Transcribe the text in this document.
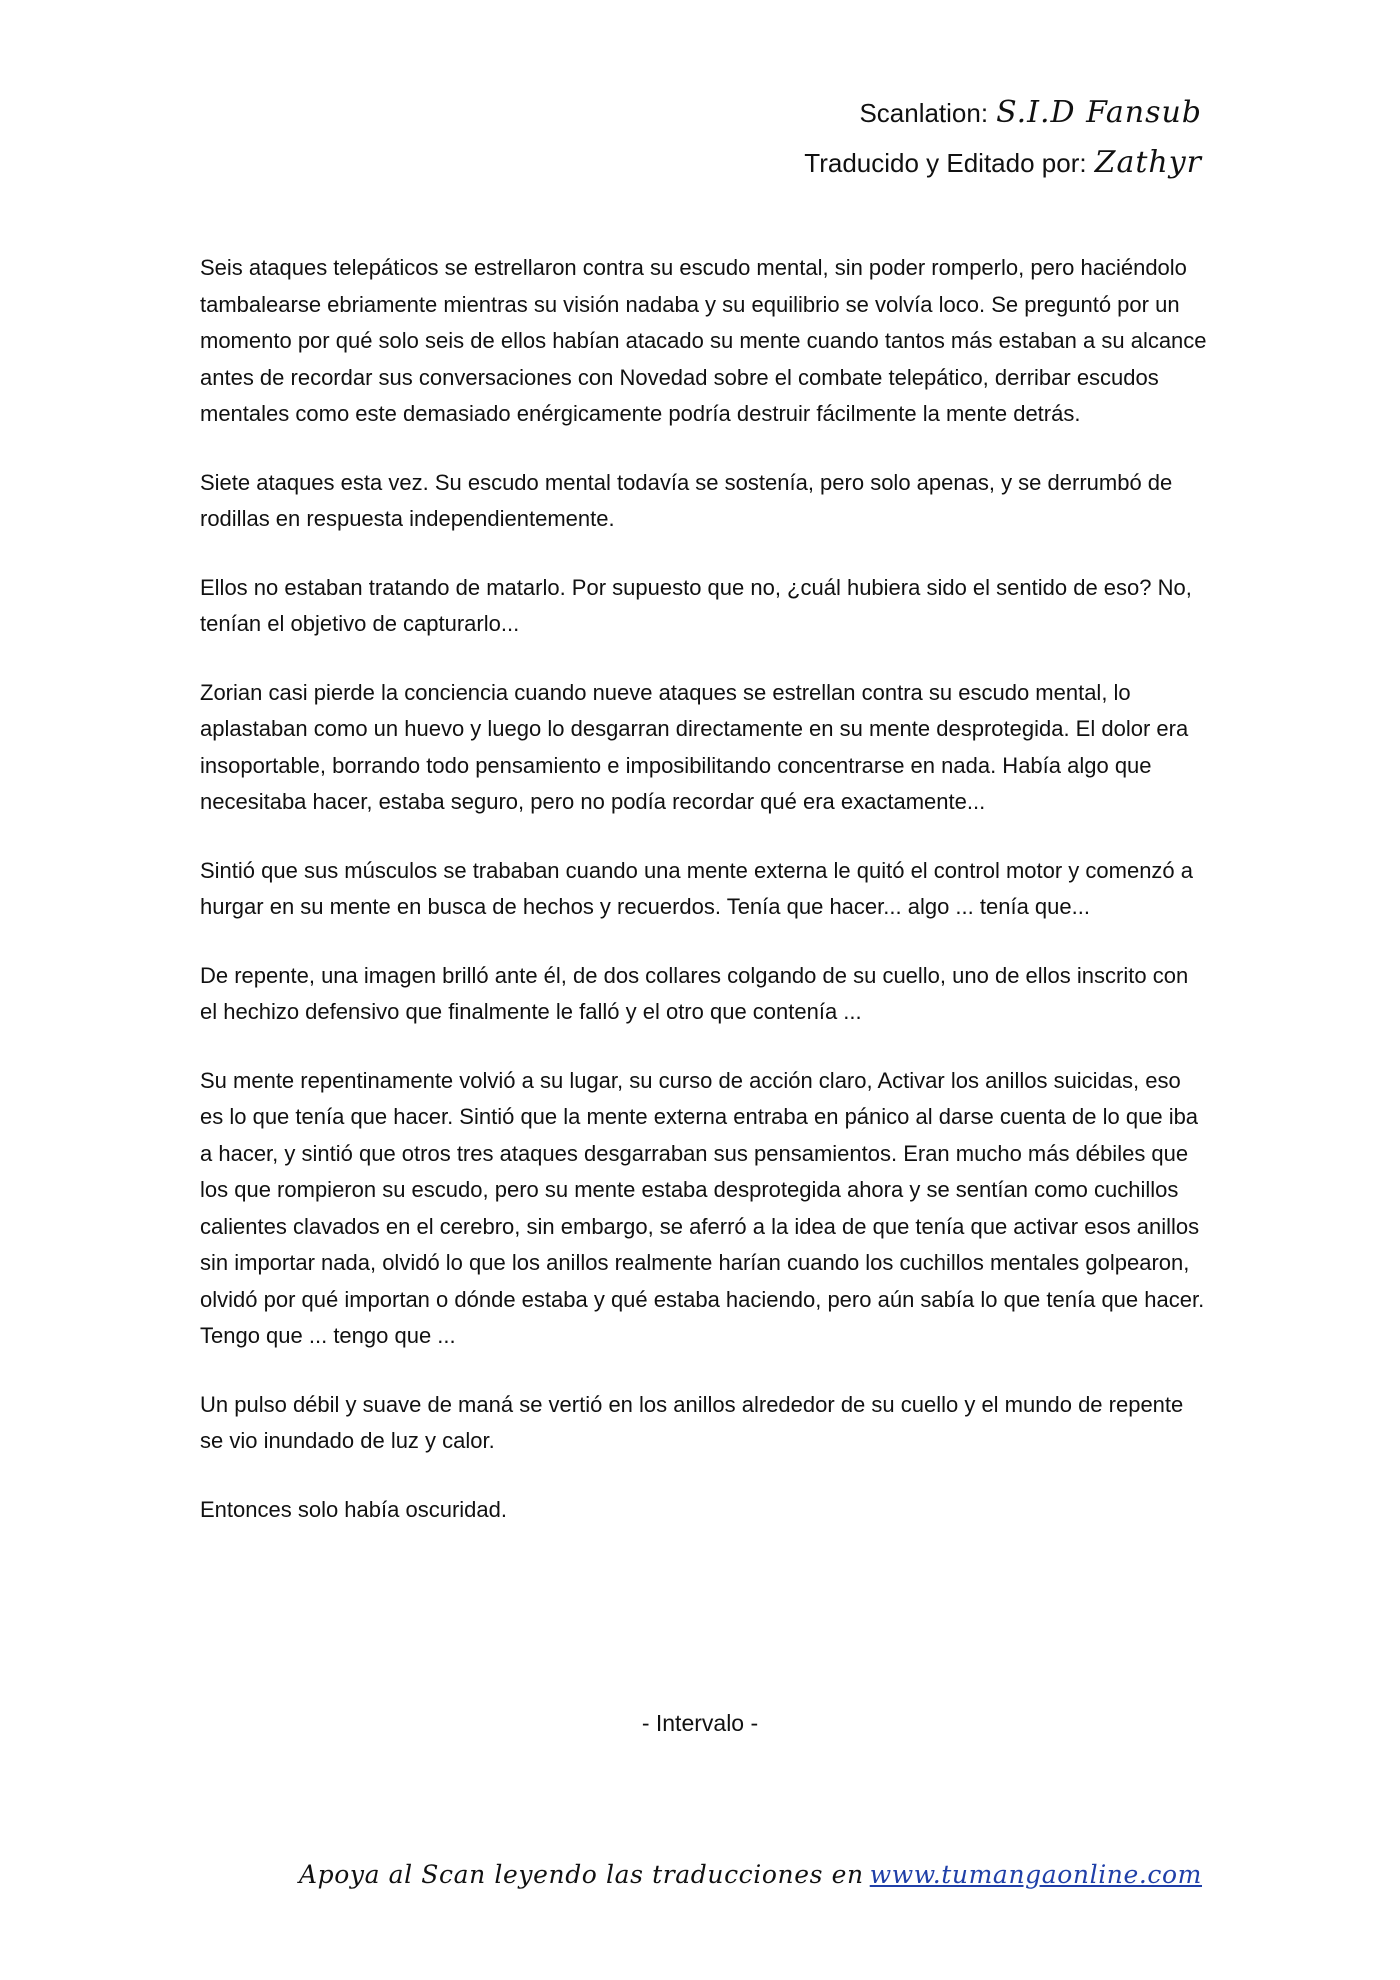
Scanlation: S.I.D Fansub
Traducido y Editado por: Zathyr

Seis ataques telepáticos se estrellaron contra su escudo mental, sin poder romperlo, pero haciéndolo tambalearse ebriamente mientras su visión nadaba y su equilibrio se volvía loco. Se preguntó por un momento por qué solo seis de ellos habían atacado su mente cuando tantos más estaban a su alcance antes de recordar sus conversaciones con Novedad sobre el combate telepático, derribar escudos mentales como este demasiado enérgicamente podría destruir fácilmente la mente detrás.

Siete ataques esta vez. Su escudo mental todavía se sostenía, pero solo apenas, y se derrumbó de rodillas en respuesta independientemente.

Ellos no estaban tratando de matarlo. Por supuesto que no, ¿cuál hubiera sido el sentido de eso? No, tenían el objetivo de capturarlo...

Zorian casi pierde la conciencia cuando nueve ataques se estrellan contra su escudo mental, lo aplastaban como un huevo y luego lo desgarran directamente en su mente desprotegida. El dolor era insoportable, borrando todo pensamiento e imposibilitando concentrarse en nada. Había algo que necesitaba hacer, estaba seguro, pero no podía recordar qué era exactamente...

Sintió que sus músculos se trababan cuando una mente externa le quitó el control motor y comenzó a hurgar en su mente en busca de hechos y recuerdos. Tenía que hacer... algo ... tenía que...

De repente, una imagen brilló ante él, de dos collares colgando de su cuello, uno de ellos inscrito con el hechizo defensivo que finalmente le falló y el otro que contenía ...

Su mente repentinamente volvió a su lugar, su curso de acción claro, Activar los anillos suicidas, eso es lo que tenía que hacer. Sintió que la mente externa entraba en pánico al darse cuenta de lo que iba a hacer, y sintió que otros tres ataques desgarraban sus pensamientos. Eran mucho más débiles que los que rompieron su escudo, pero su mente estaba desprotegida ahora y se sentían como cuchillos calientes clavados en el cerebro, sin embargo, se aferró a la idea de que tenía que activar esos anillos sin importar nada, olvidó lo que los anillos realmente harían cuando los cuchillos mentales golpearon, olvidó por qué importan o dónde estaba y qué estaba haciendo, pero aún sabía lo que tenía que hacer. Tengo que ... tengo que ...

Un pulso débil y suave de maná se vertió en los anillos alrededor de su cuello y el mundo de repente se vio inundado de luz y calor.

Entonces solo había oscuridad.

- Intervalo -
Apoya al Scan leyendo las traducciones en www.tumangaonline.com
